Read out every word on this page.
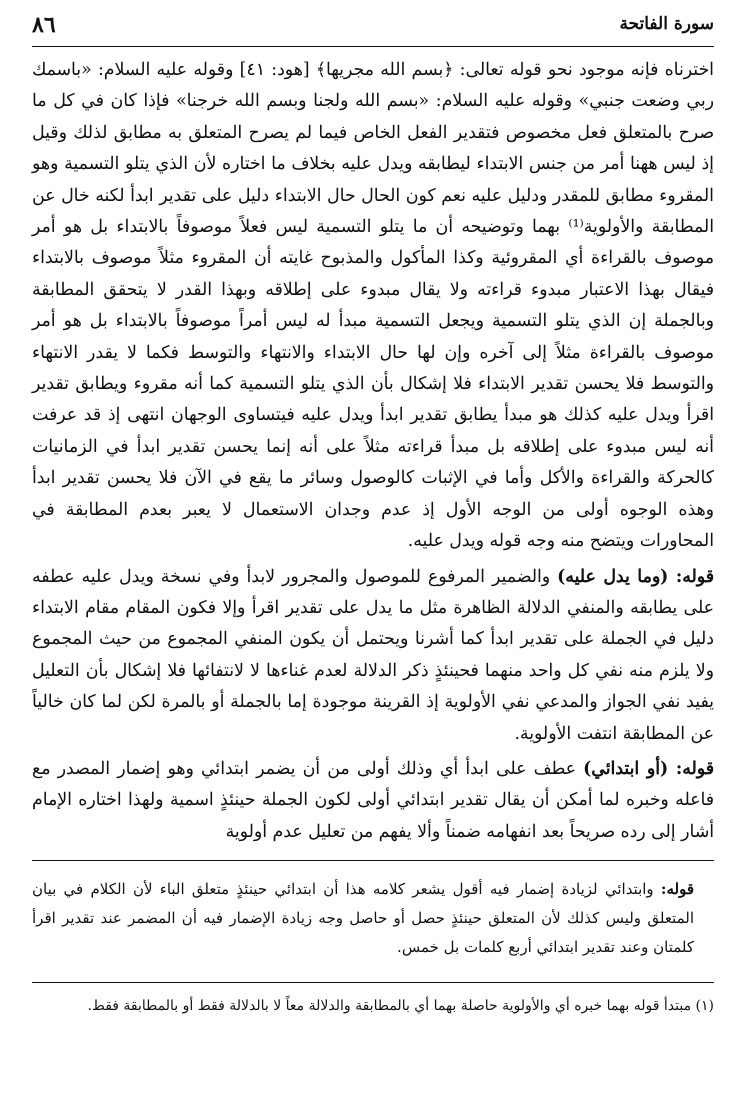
٨٦	سورة الفاتحة

اخترناه فإنه موجود نحو قوله تعالى: ﴿بسم الله مجريها﴾ [هود: ٤١] وقوله عليه السلام: «باسمك ربي وضعت جنبي» وقوله عليه السلام: «بسم الله ولجنا وبسم الله خرجنا» فإذا كان في كل ما صرح بالمتعلق فعل مخصوص فتقدير الفعل الخاص فيما لم يصرح المتعلق به مطابق لذلك وقيل إذ ليس ههنا أمر من جنس الابتداء ليطابقه ويدل عليه بخلاف ما اختاره لأن الذي يتلو التسمية وهو المقروء مطابق للمقدر ودليل عليه نعم كون الحال حال الابتداء دليل على تقدير ابدأ لكنه خال عن المطابقة والأولوية⁽¹⁾ بهما وتوضيحه أن ما يتلو التسمية ليس فعلاً موصوفاً بالابتداء بل هو أمر موصوف بالقراءة أي المقروئية وكذا المأكول والمذبوح غايته أن المقروء مثلاً موصوف بالابتداء فيقال بهذا الاعتبار مبدوء قراءته ولا يقال مبدوء على إطلاقه وبهذا القدر لا يتحقق المطابقة وبالجملة إن الذي يتلو التسمية ويجعل التسمية مبدأ له ليس أمراً موصوفاً بالابتداء بل هو أمر موصوف بالقراءة مثلاً إلى آخره وإن لها حال الابتداء والانتهاء والتوسط فكما لا يقدر الانتهاء والتوسط فلا يحسن تقدير الابتداء فلا إشكال بأن الذي يتلو التسمية كما أنه مقروء ويطابق تقدير اقرأ ويدل عليه كذلك هو مبدأ يطابق تقدير ابدأ ويدل عليه فيتساوى الوجهان انتهى إذ قد عرفت أنه ليس مبدوء على إطلاقه بل مبدأ قراءته مثلاً على أنه إنما يحسن تقدير ابدأ في الزمانيات كالحركة والقراءة والأكل وأما في الإثبات كالوصول وسائر ما يقع في الآن فلا يحسن تقدير ابدأ وهذه الوجوه أولى من الوجه الأول إذ عدم وجدان الاستعمال لا يعبر بعدم المطابقة في المحاورات ويتضح منه وجه قوله ويدل عليه.

قوله: (وما يدل عليه) والضمير المرفوع للموصول والمجرور لابدأ وفي نسخة ويدل عليه عطفه على يطابقه والمنفي الدلالة الظاهرة مثل ما يدل على تقدير اقرأ وإلا فكون المقام مقام الابتداء دليل في الجملة على تقدير ابدأ كما أشرنا ويحتمل أن يكون المنفي المجموع من حيث المجموع ولا يلزم منه نفي كل واحد منهما فحينئذٍ ذكر الدلالة لعدم غناءها لا لانتفائها فلا إشكال بأن التعليل يفيد نفي الجواز والمدعي نفي الأولوية إذ القرينة موجودة إما بالجملة أو بالمرة لكن لما كان خالياً عن المطابقة انتفت الأولوية.

قوله: (أو ابتدائي) عطف على ابدأ أي وذلك أولى من أن يضمر ابتدائي وهو إضمار المصدر مع فاعله وخبره لما أمكن أن يقال تقدير ابتدائي أولى لكون الجملة حينئذٍ اسمية ولهذا اختاره الإمام أشار إلى رده صريحاً بعد انفهامه ضمناً وألا يفهم من تعليل عدم أولوية

قوله: وابتدائي لزيادة إضمار فيه أقول يشعر كلامه هذا أن ابتدائي حينئذٍ متعلق الباء لأن الكلام في بيان المتعلق وليس كذلك لأن المتعلق حينئذٍ حصل أو حاصل وجه زيادة الإضمار فيه أن المضمر عند تقدير اقرأ كلمتان وعند تقدير ابتدائي أربع كلمات بل خمس.
(١) مبتدأ قوله بهما خبره أي والأولوية حاصلة بهما أي بالمطابقة والدلالة معاً لا بالدلالة فقط أو بالمطابقة فقط.
